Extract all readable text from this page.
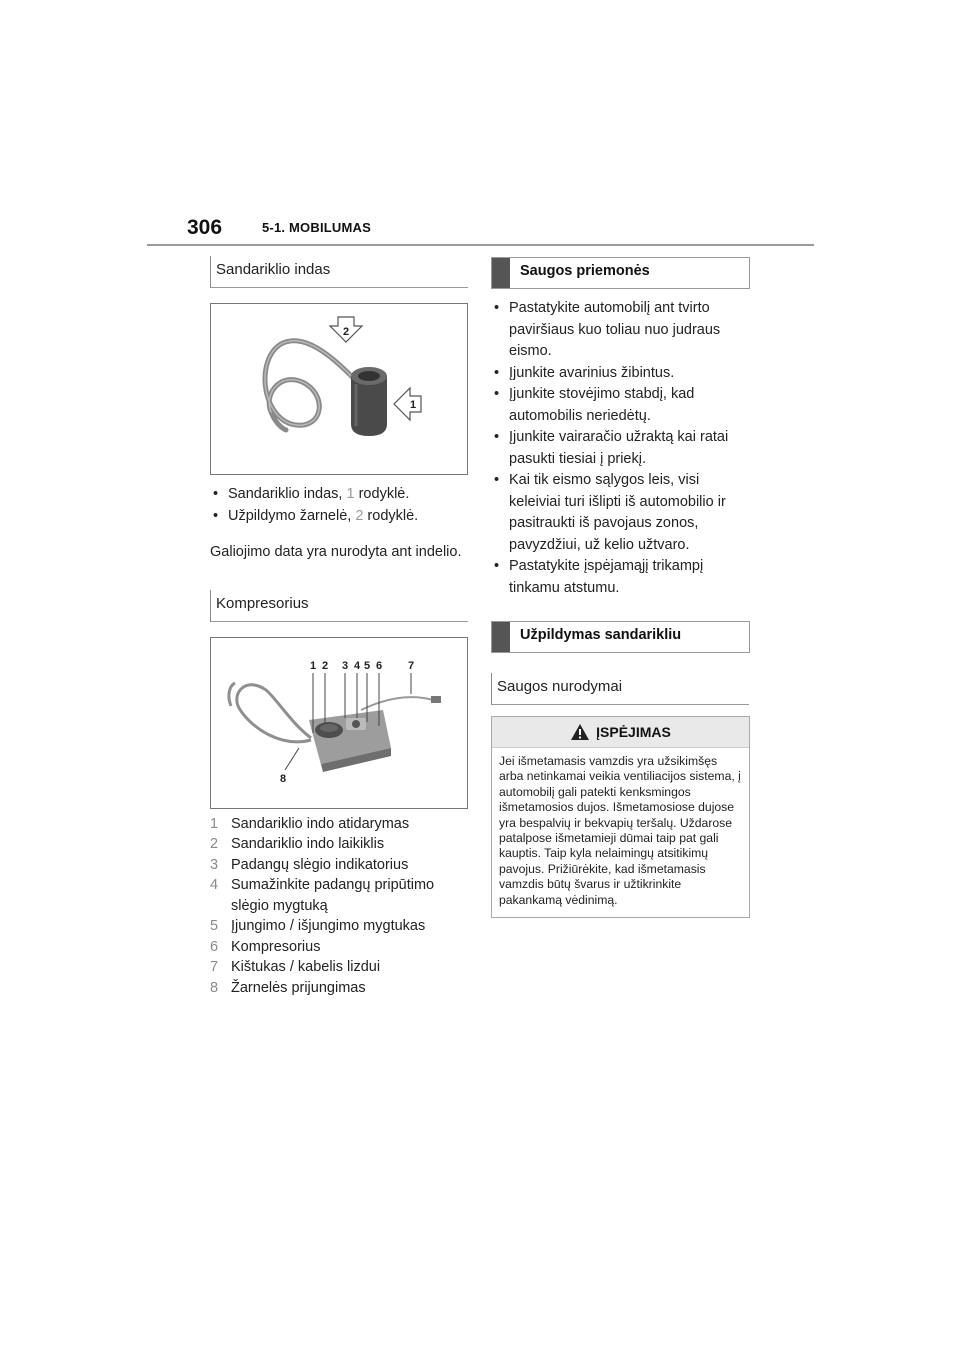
306	5-1. MOBILUMAS
Sandariklio indas
2
1
• Sandariklio indas, 1 rodyklė.
• Užpildymo žarnelė, 2 rodyklė.
Galiojimo data yra nurodyta ant indelio.
Kompresorius
1 2 3 4 5 6 7
8
1 Sandariklio indo atidarymas
2 Sandariklio indo laikiklis
3 Padangų slėgio indikatorius
4 Sumažinkite padangų pripūtimo slėgio mygtuką
5 Įjungimo / išjungimo mygtukas
6 Kompresorius
7 Kištukas / kabelis lizdui
8 Žarnelės prijungimas
Saugos priemonės
• Pastatykite automobilį ant tvirto paviršiaus kuo toliau nuo judraus eismo.
• Įjunkite avarinius žibintus.
• Įjunkite stovėjimo stabdį, kad automobilis neriedėtų.
• Įjunkite vairaračio užraktą kai ratai pasukti tiesiai į priekį.
• Kai tik eismo sąlygos leis, visi keleiviai turi išlipti iš automobilio ir pasitraukti iš pavojaus zonos, pavyzdžiui, už kelio užtvaro.
• Pastatykite įspėjamąjį trikampį tinkamu atstumu.
Užpildymas sandarikliu
Saugos nurodymai
ĮSPĖJIMAS
Jei išmetamasis vamzdis yra užsikimšęs arba netinkamai veikia ventiliacijos sistema, į automobilį gali patekti kenksmingos išmetamosios dujos. Išmetamosiose dujose yra bespalvių ir bekvapių teršalų. Uždarose patalpose išmetamieji dūmai taip pat gali kauptis. Taip kyla nelaimingų atsitikimų pavojus. Prižiūrėkite, kad išmetamasis vamzdis būtų švarus ir užtikrinkite pakankamą vėdinimą.
